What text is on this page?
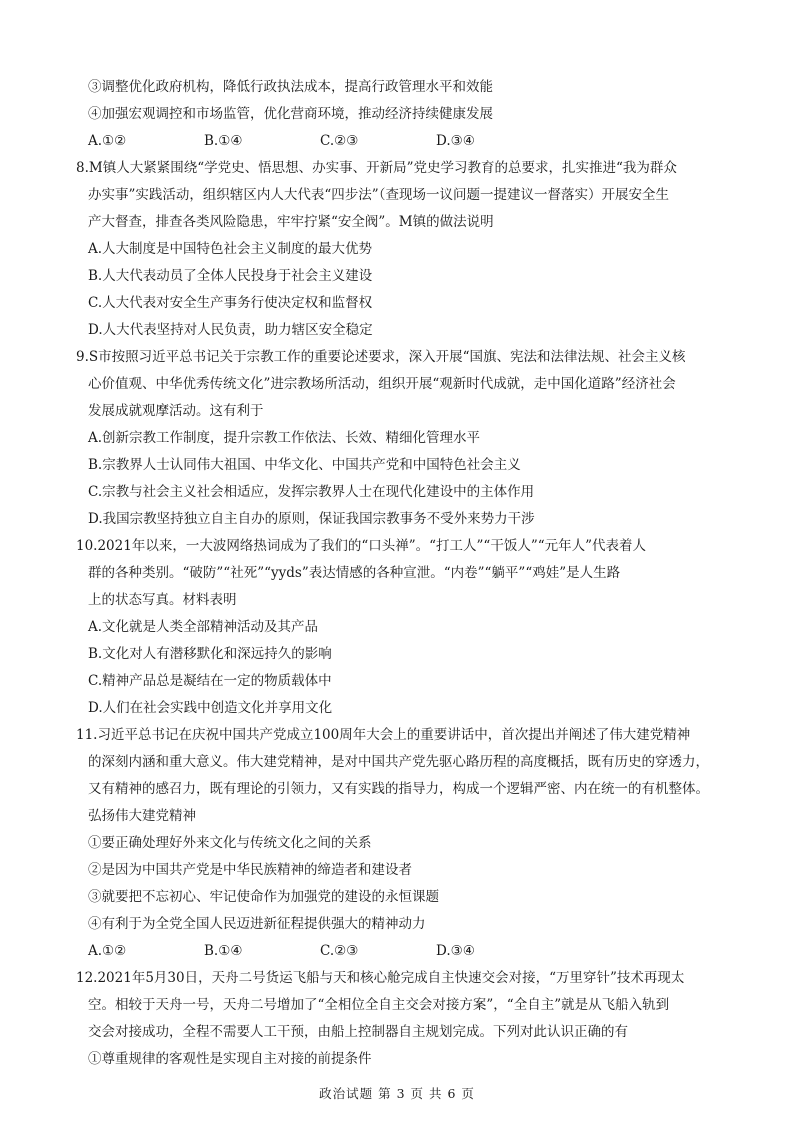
③调整优化政府机构，降低行政执法成本，提高行政管理水平和效能
④加强宏观调控和市场监管，优化营商环境，推动经济持续健康发展
A.①②	B.①④	C.②③	D.③④
8.M镇人大紧紧围绕“学党史、悟思想、办实事、开新局”党史学习教育的总要求，扎实推进“我为群众
办实事”实践活动，组织辖区内人大代表“四步法”（查现场一议问题一提建议一督落实）开展安全生
产大督查，排查各类风险隐患，牢牢拧紧“安全阀”。M镇的做法说明
A.人大制度是中国特色社会主义制度的最大优势
B.人大代表动员了全体人民投身于社会主义建设
C.人大代表对安全生产事务行使决定权和监督权
D.人大代表坚持对人民负责，助力辖区安全稳定
9.S市按照习近平总书记关于宗教工作的重要论述要求，深入开展“国旗、宪法和法律法规、社会主义核
心价值观、中华优秀传统文化”进宗教场所活动，组织开展“观新时代成就，走中国化道路”经济社会
发展成就观摩活动。这有利于
A.创新宗教工作制度，提升宗教工作依法、长效、精细化管理水平
B.宗教界人士认同伟大祖国、中华文化、中国共产党和中国特色社会主义
C.宗教与社会主义社会相适应，发挥宗教界人士在现代化建设中的主体作用
D.我国宗教坚持独立自主自办的原则，保证我国宗教事务不受外来势力干涉
10.2021年以来，一大波网络热词成为了我们的“口头禅”。“打工人”“干饭人”“元年人”代表着人
群的各种类别。“破防”“社死”“yyds”表达情感的各种宣泄。“内卷”“躺平”“鸡娃”是人生路
上的状态写真。材料表明
A.文化就是人类全部精神活动及其产品
B.文化对人有潜移默化和深远持久的影响
C.精神产品总是凝结在一定的物质载体中
D.人们在社会实践中创造文化并享用文化
11.习近平总书记在庆祝中国共产党成立100周年大会上的重要讲话中，首次提出并阐述了伟大建党精神
的深刻内涵和重大意义。伟大建党精神，是对中国共产党先驱心路历程的高度概括，既有历史的穿透力，
又有精神的感召力，既有理论的引领力，又有实践的指导力，构成一个逻辑严密、内在统一的有机整体。
弘扬伟大建党精神
①要正确处理好外来文化与传统文化之间的关系
②是因为中国共产党是中华民族精神的缔造者和建设者
③就要把不忘初心、牢记使命作为加强党的建设的永恒课题
④有利于为全党全国人民迈进新征程提供强大的精神动力
A.①②	B.①④	C.②③	D.③④
12.2021年5月30日，天舟二号货运飞船与天和核心舱完成自主快速交会对接，“万里穿针”技术再现太
空。相较于天舟一号，天舟二号增加了“全相位全自主交会对接方案”，“全自主”就是从飞船入轨到
交会对接成功，全程不需要人工干预，由船上控制器自主规划完成。下列对此认识正确的有
①尊重规律的客观性是实现自主对接的前提条件
政治试题 第 3 页 共 6 页
